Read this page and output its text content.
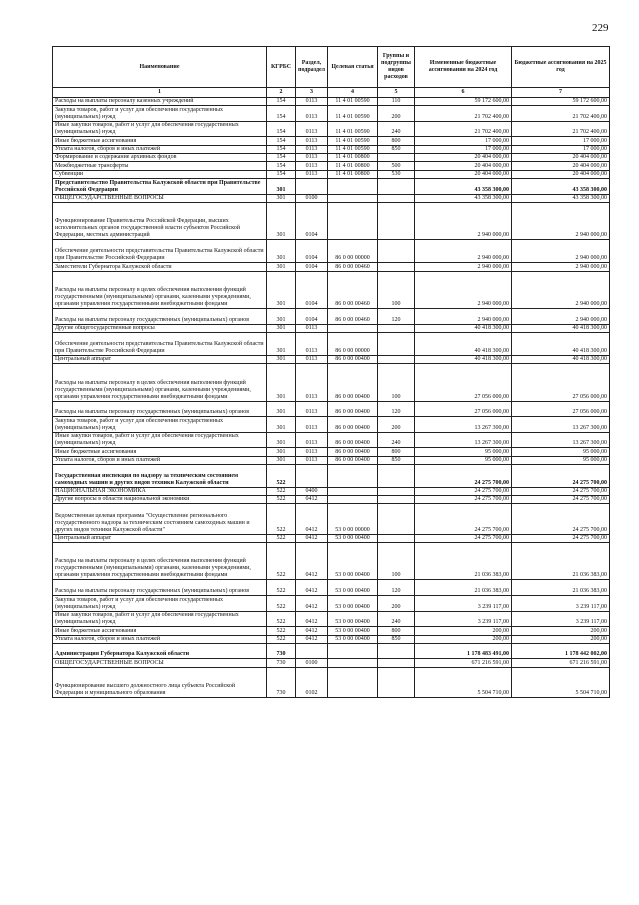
229
Наименование	КГРБС	Раздел, подраздел	Целевая статья	Группы и подгруппы видов расходов	Измененные бюджетные ассигнования на 2024 год	Бюджетные ассигнования на 2025 год
1	2	3	4	5	6	7
Расходы на выплаты персоналу казенных учреждений	154	0113	11 4 01 00590	110	59 172 600,00	59 172 600,00
Закупка товаров, работ и услуг для обеспечения государственных (муниципальных) нужд	154	0113	11 4 01 00590	200	21 702 400,00	21 702 400,00
Иные закупки товаров, работ и услуг для обеспечения государственных (муниципальных) нужд	154	0113	11 4 01 00590	240	21 702 400,00	21 702 400,00
Иные бюджетные ассигнования	154	0113	11 4 01 00590	800	17 000,00	17 000,00
Уплата налогов, сборов и иных платежей	154	0113	11 4 01 00590	850	17 000,00	17 000,00
Формирование и содержание архивных фондов	154	0113	11 4 01 00800		20 404 000,00	20 404 000,00
Межбюджетные трансферты	154	0113	11 4 01 00800	500	20 404 000,00	20 404 000,00
Субвенции	154	0113	11 4 01 00800	530	20 404 000,00	20 404 000,00
Представительство Правительства Калужской области при Правительстве Российской Федерации	301				43 358 300,00	43 358 300,00
ОБЩЕГОСУДАРСТВЕННЫЕ ВОПРОСЫ	301	0100			43 358 300,00	43 358 300,00
Функционирование Правительства Российской Федерации, высших исполнительных органов государственной власти субъектов Российской Федерации, местных администраций	301	0104			2 940 000,00	2 940 000,00
Обеспечение деятельности представительства Правительства Калужской области при Правительстве Российской Федерации	301	0104	86 0 00 00000		2 940 000,00	2 940 000,00
Заместители Губернатора Калужской области	301	0104	86 0 00 00460		2 940 000,00	2 940 000,00
Расходы на выплаты персоналу в целях обеспечения выполнения функций государственными (муниципальными) органами, казенными учреждениями, органами управления государственными внебюджетными фондами	301	0104	86 0 00 00460	100	2 940 000,00	2 940 000,00
Расходы на выплаты персоналу государственных (муниципальных) органов	301	0104	86 0 00 00460	120	2 940 000,00	2 940 000,00
Другие общегосударственные вопросы	301	0113			40 418 300,00	40 418 300,00
Обеспечение деятельности представительства Правительства Калужской области при Правительстве Российской Федерации	301	0113	86 0 00 00000		40 418 300,00	40 418 300,00
Центральный аппарат	301	0113	86 0 00 00400		40 418 300,00	40 418 300,00
Расходы на выплаты персоналу в целях обеспечения выполнения функций государственными (муниципальными) органами, казенными учреждениями, органами управления государственными внебюджетными фондами	301	0113	86 0 00 00400	100	27 056 000,00	27 056 000,00
Расходы на выплаты персоналу государственных (муниципальных) органов	301	0113	86 0 00 00400	120	27 056 000,00	27 056 000,00
Закупка товаров, работ и услуг для обеспечения государственных (муниципальных) нужд	301	0113	86 0 00 00400	200	13 267 300,00	13 267 300,00
Иные закупки товаров, работ и услуг для обеспечения государственных (муниципальных) нужд	301	0113	86 0 00 00400	240	13 267 300,00	13 267 300,00
Иные бюджетные ассигнования	301	0113	86 0 00 00400	800	95 000,00	95 000,00
Уплата налогов, сборов и иных платежей	301	0113	86 0 00 00400	850	95 000,00	95 000,00
Государственная инспекция по надзору за техническим состоянием самоходных машин и других видов техники Калужской области	522				24 275 700,00	24 275 700,00
НАЦИОНАЛЬНАЯ ЭКОНОМИКА	522	0400			24 275 700,00	24 275 700,00
Другие вопросы в области национальной экономики	522	0412			24 275 700,00	24 275 700,00
Ведомственная целевая программа "Осуществление регионального государственного надзора за техническим состоянием самоходных машин и других видов техники Калужской области"	522	0412	53 0 00 00000		24 275 700,00	24 275 700,00
Центральный аппарат	522	0412	53 0 00 00400		24 275 700,00	24 275 700,00
Расходы на выплаты персоналу в целях обеспечения выполнения функций государственными (муниципальными) органами, казенными учреждениями, органами управления государственными внебюджетными фондами	522	0412	53 0 00 00400	100	21 036 383,00	21 036 383,00
Расходы на выплаты персоналу государственных (муниципальных) органов	522	0412	53 0 00 00400	120	21 036 383,00	21 036 383,00
Закупка товаров, работ и услуг для обеспечения государственных (муниципальных) нужд	522	0412	53 0 00 00400	200	3 239 117,00	3 239 117,00
Иные закупки товаров, работ и услуг для обеспечения государственных (муниципальных) нужд	522	0412	53 0 00 00400	240	3 239 117,00	3 239 117,00
Иные бюджетные ассигнования	522	0412	53 0 00 00400	800	200,00	200,00
Уплата налогов, сборов и иных платежей	522	0412	53 0 00 00400	850	200,00	200,00
Администрация Губернатора Калужской области	730				1 178 483 491,00	1 178 442 002,00
ОБЩЕГОСУДАРСТВЕННЫЕ ВОПРОСЫ	730	0100			671 216 591,00	671 216 591,00
Функционирование высшего должностного лица субъекта Российской Федерации и муниципального образования	730	0102			5 504 710,00	5 504 710,00
